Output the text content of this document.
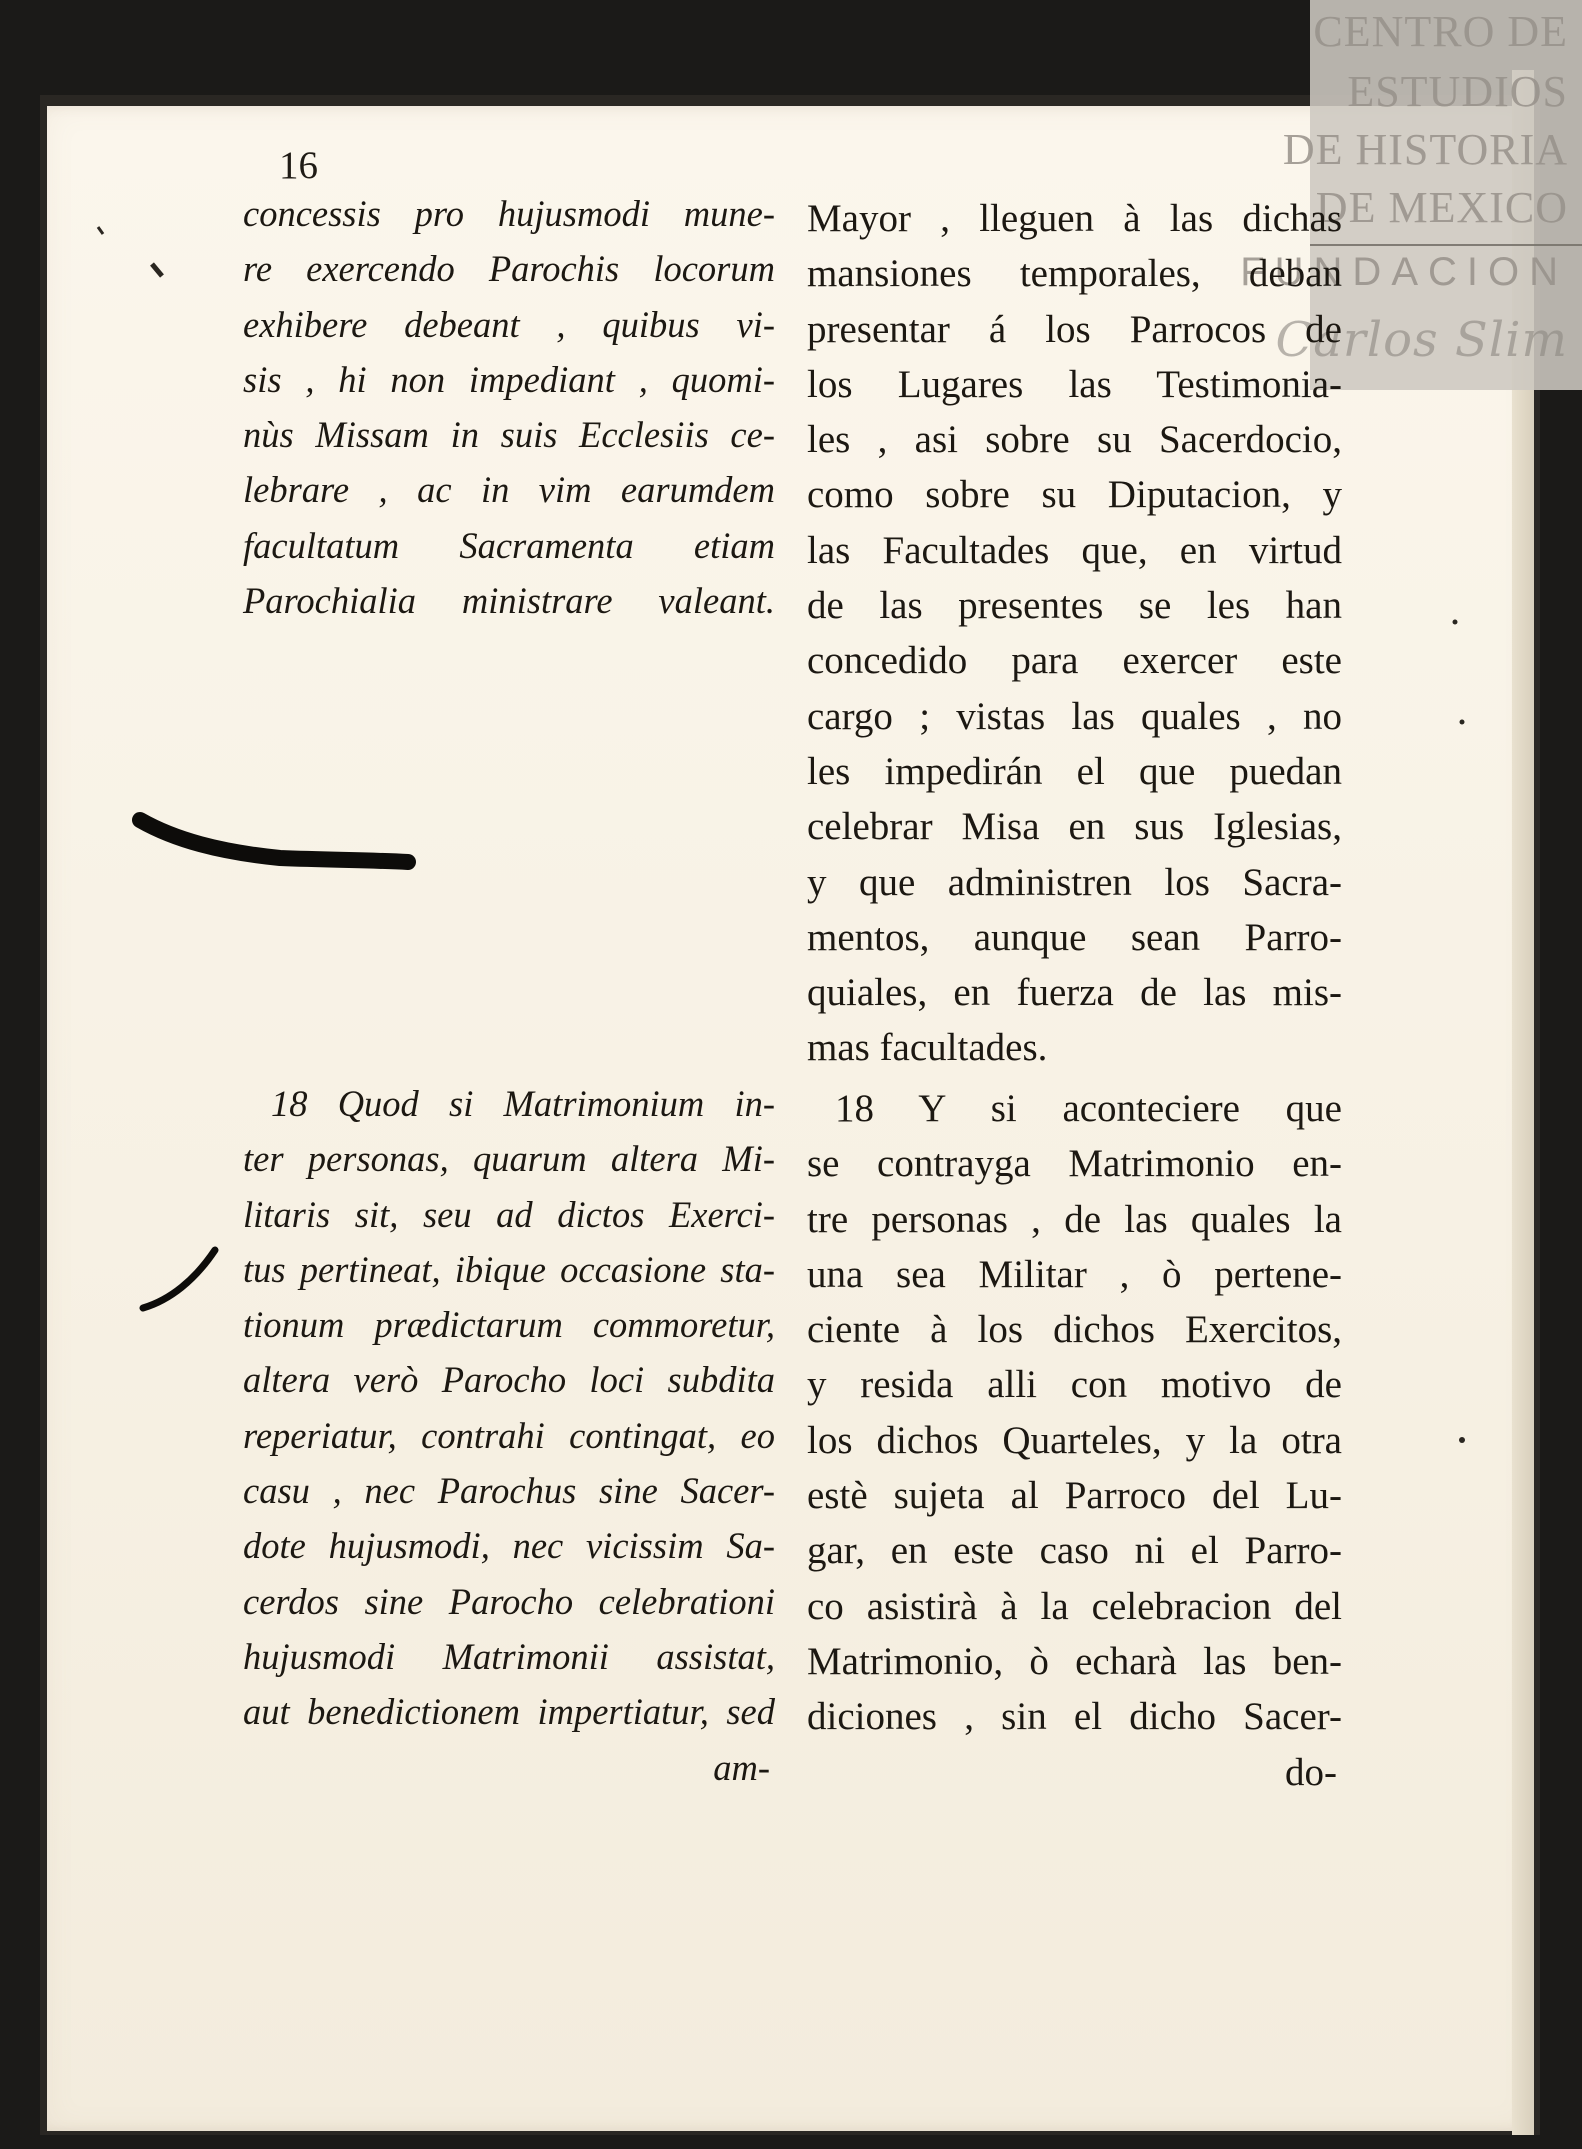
CENTRO DE
ESTUDIOS
DE HISTORIA
DE MEXICO
FUNDACION
Carlos Slim
16
concessis pro hujusmodi mune-
re exercendo Parochis locorum
exhibere debeant , quibus vi-
sis , hi non impediant , quomi-
nùs Missam in suis Ecclesiis ce-
lebrare , ac in vim earumdem
facultatum Sacramenta etiam
Parochialia ministrare valeant.
18 Quod si Matrimonium in-
ter personas, quarum altera Mi-
litaris sit, seu ad dictos Exerci-
tus pertineat, ibique occasione sta-
tionum prædictarum commoretur,
altera verò Parocho loci subdita
reperiatur, contrahi contingat, eo
casu , nec Parochus sine Sacer-
dote hujusmodi, nec vicissim Sa-
cerdos sine Parocho celebrationi
hujusmodi Matrimonii assistat,
aut benedictionem impertiatur, sed
am-
Mayor , lleguen à las dichas
mansiones temporales, deban
presentar á los Parrocos de
los Lugares las Testimonia-
les , asi sobre su Sacerdocio,
como sobre su Diputacion, y
las Facultades que, en virtud
de las presentes se les han
concedido para exercer este
cargo ; vistas las quales , no
les impedirán el que puedan
celebrar Misa en sus Iglesias,
y que administren los Sacra-
mentos, aunque sean Parro-
quiales, en fuerza de las mis-
mas facultades.
18 Y si aconteciere que
se contrayga Matrimonio en-
tre personas , de las quales la
una sea Militar , ò pertene-
ciente à los dichos Exercitos,
y resida alli con motivo de
los dichos Quarteles, y la otra
estè sujeta al Parroco del Lu-
gar, en este caso ni el Parro-
co asistirà à la celebracion del
Matrimonio, ò echarà las ben-
diciones , sin el dicho Sacer-
do-
